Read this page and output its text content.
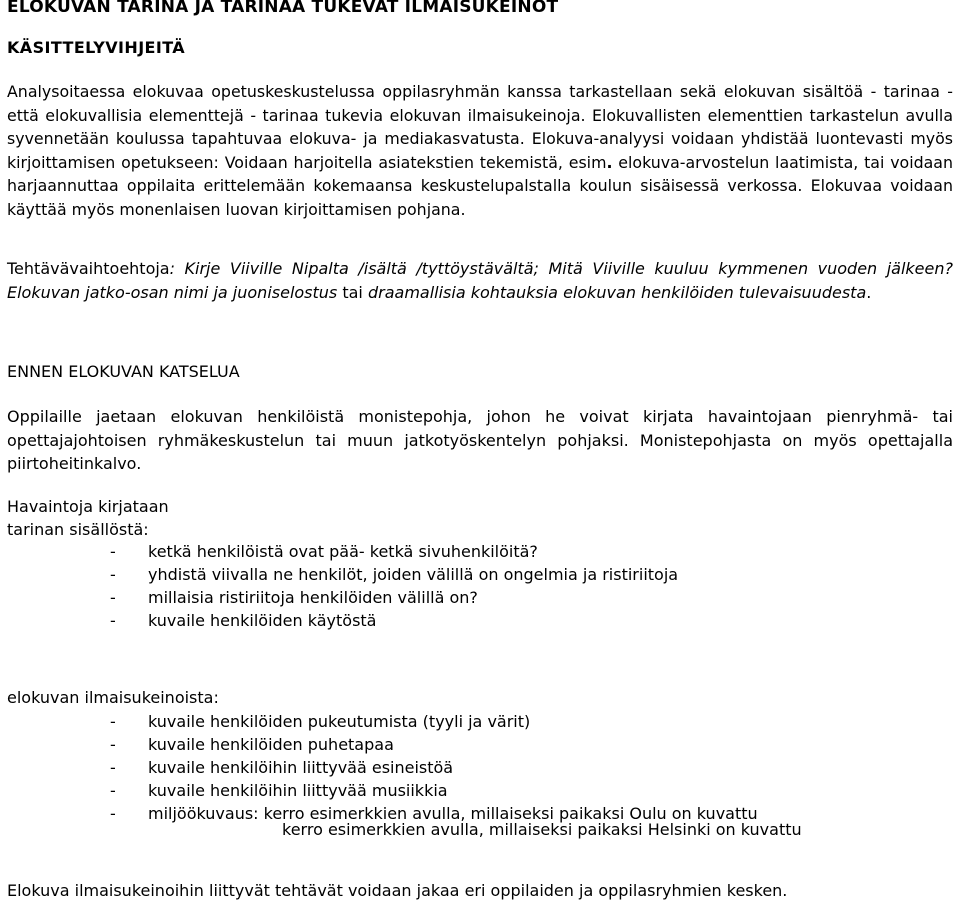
ELOKUVAN TARINA JA TARINAA TUKEVAT ILMAISUKEINOT
KÄSITTELYVIHJEITÄ

Analysoitaessa elokuvaa opetuskeskustelussa oppilasryhmän kanssa tarkastellaan sekä elokuvan sisältöä - tarinaa - että elokuvallisia elementtejä - tarinaa tukevia elokuvan ilmaisukeinoja. Elokuvallisten elementtien tarkastelun avulla syvennetään koulussa tapahtuvaa elokuva- ja mediakasvatusta. Elokuva-analyysi voidaan yhdistää luontevasti myös kirjoittamisen opetukseen: Voidaan harjoitella asiatekstien tekemistä, esim. elokuva-arvostelun laatimista, tai voidaan harjaannuttaa oppilaita erittelemään kokemaansa keskustelupalstalla koulun sisäisessä verkossa. Elokuvaa voidaan käyttää myös monenlaisen luovan kirjoittamisen pohjana.

Tehtävävaihtoehtoja: Kirje Viiville Nipalta /isältä /tyttöystävältä; Mitä Viiville kuuluu kymmenen vuoden jälkeen? Elokuvan jatko-osan nimi ja juoniselostus tai draamallisia kohtauksia elokuvan henkilöiden tulevaisuudesta.

ENNEN ELOKUVAN KATSELUA

Oppilaille jaetaan elokuvan henkilöistä monistepohja, johon he voivat kirjata havaintojaan pienryhmä- tai opettajajohtoisen ryhmäkeskustelun tai muun jatkotyöskentelyn pohjaksi. Monistepohjasta on myös opettajalla piirtoheitinkalvo.

Havaintoja kirjataan
tarinan sisällöstä:
- ketkä henkilöistä ovat pää- ketkä sivuhenkilöitä?
- yhdistä viivalla ne henkilöt, joiden välillä on ongelmia ja ristiriitoja
- millaisia ristiriitoja henkilöiden välillä on?
- kuvaile henkilöiden käytöstä

elokuvan ilmaisukeinoista:

- kuvaile henkilöiden pukeutumista (tyyli ja värit)
- kuvaile henkilöiden puhetapaa
- kuvaile henkilöihin liittyvää esineistöä
- kuvaile henkilöihin liittyvää musiikkia
- miljöökuvaus: kerro esimerkkien avulla, millaiseksi paikaksi Oulu on kuvattu
kerro esimerkkien avulla, millaiseksi paikaksi Helsinki on kuvattu

Elokuva ilmaisukeinoihin liittyvät tehtävät voidaan jakaa eri oppilaiden ja oppilasryhmien kesken.
